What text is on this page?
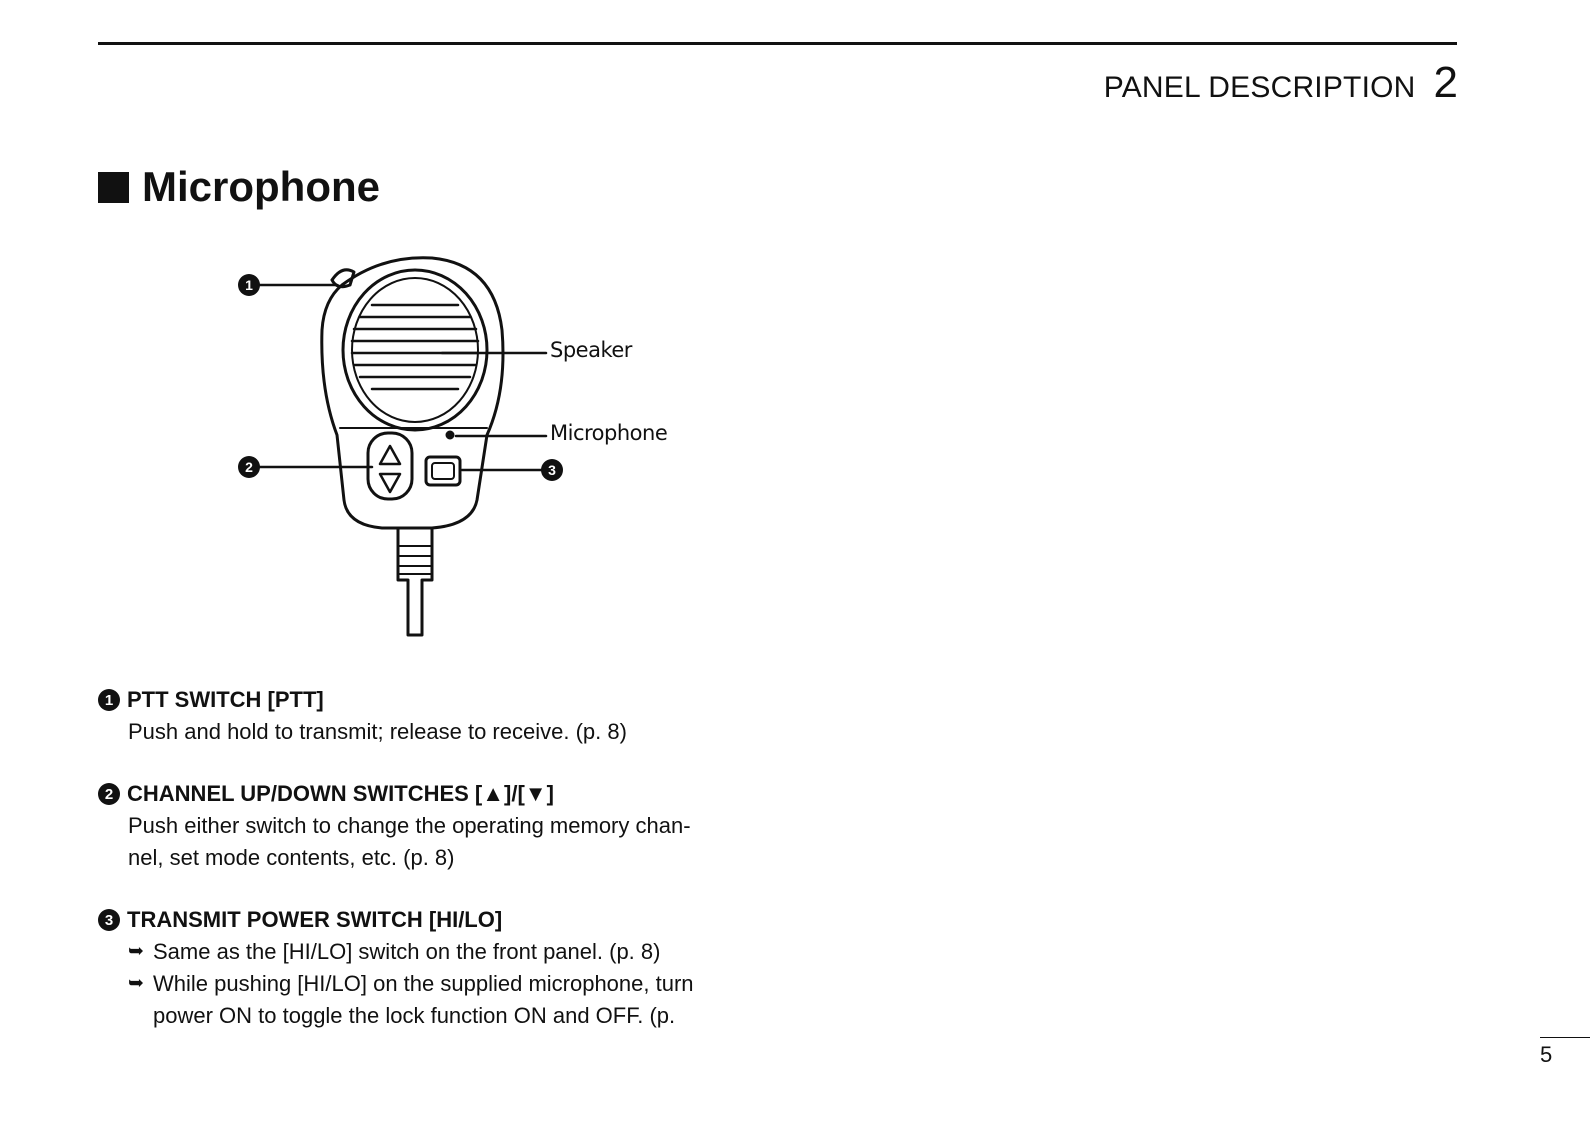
PANEL DESCRIPTION 2
Microphone
1
2	3
Speaker
Microphone
1 PTT SWITCH [PTT]
Push and hold to transmit; release to receive. (p. 8)
2 CHANNEL UP/DOWN SWITCHES [▲]/[▼]
Push either switch to change the operating memory chan-
nel, set mode contents, etc. (p. 8)
3 TRANSMIT POWER SWITCH [HI/LO]
➥ Same as the [HI/LO] switch on the front panel. (p. 8)
➥ While pushing [HI/LO] on the supplied microphone, turn power ON to toggle the lock function ON and OFF. (p.
5
